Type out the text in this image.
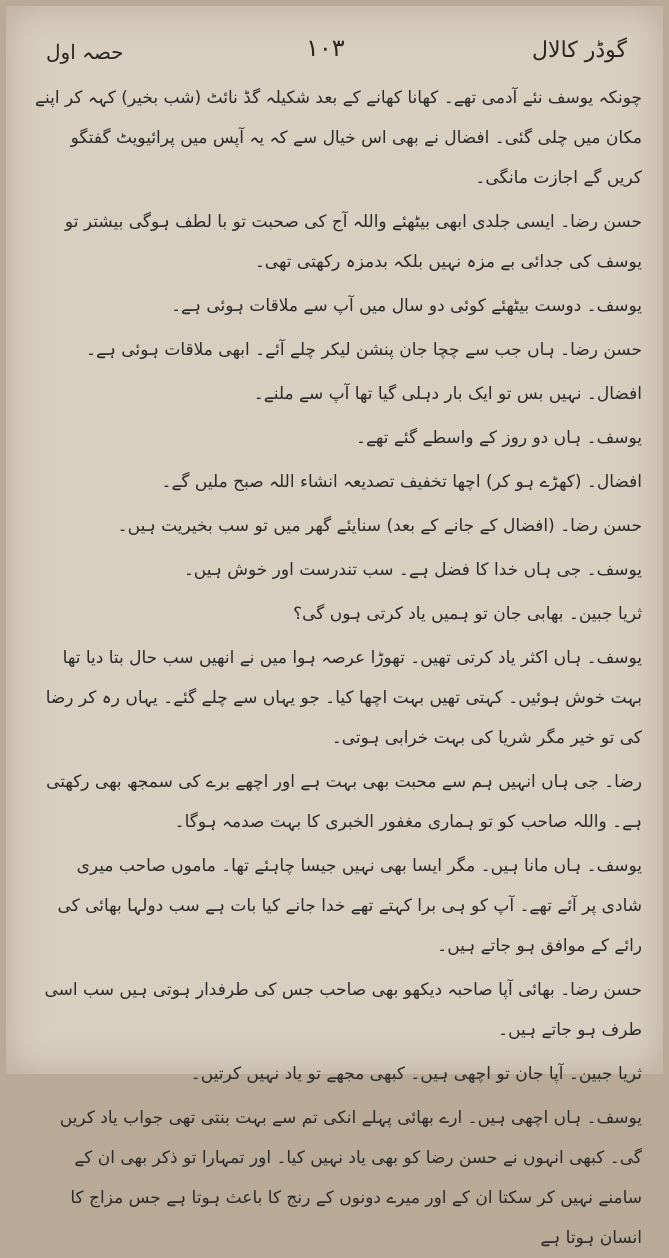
حصہ اول	۱۰۳	گوڈر کالال

چونکہ یوسف نئے آدمی تھے۔ کھانا کھانے کے بعد شکیلہ گڈ نائٹ (شب بخیر) کہہ کر اپنے مکان میں چلی گئی۔ افضال نے بھی اس خیال سے کہ یہ آپس میں پرائیویٹ گفتگو کریں گے اجازت مانگی۔

حسن رضا۔ ایسی جلدی ابھی بیٹھئے واللہ آج کی صحبت تو با لطف ہوگی بیشتر تو یوسف کی جدائی بے مزہ نہیں بلکہ بدمزہ رکھتی تھی۔

یوسف۔ دوست بیٹھئے کوئی دو سال میں آپ سے ملاقات ہوئی ہے۔

حسن رضا۔ ہاں جب سے چچا جان پنشن لیکر چلے آئے۔ ابھی ملاقات ہوئی ہے۔

افضال۔ نہیں بس تو ایک بار دہلی گیا تھا آپ سے ملنے۔

یوسف۔ ہاں دو روز کے واسطے گئے تھے۔

افضال۔ (کھڑے ہو کر) اچھا تخفیف تصدیعہ انشاء اللہ صبح ملیں گے۔

حسن رضا۔ (افضال کے جانے کے بعد) سنایئے گھر میں تو سب بخیریت ہیں۔

یوسف۔ جی ہاں خدا کا فضل ہے۔ سب تندرست اور خوش ہیں۔

ثریا جبین۔ بھابی جان تو ہمیں یاد کرتی ہوں گی؟

یوسف۔ ہاں اکثر یاد کرتی تھیں۔ تھوڑا عرصہ ہوا میں نے انھیں سب حال بتا دیا تھا بہت خوش ہوئیں۔ کہتی تھیں بہت اچھا کیا۔ جو یہاں سے چلے گئے۔ یہاں رہ کر رضا کی تو خیر مگر شریا کی بہت خرابی ہوتی۔

رضا۔ جی ہاں انہیں ہم سے محبت بھی بہت ہے اور اچھے برے کی سمجھ بھی رکھتی ہے۔ واللہ صاحب کو تو ہماری مغفور الخبری کا بہت صدمہ ہوگا۔

یوسف۔ ہاں مانا ہیں۔ مگر ایسا بھی نہیں جیسا چاہئے تھا۔ ماموں صاحب میری شادی پر آئے تھے۔ آپ کو ہی برا کہتے تھے خدا جانے کیا بات ہے سب دولہا بھائی کی رائے کے موافق ہو جاتے ہیں۔

حسن رضا۔ بھائی آپا صاحبہ دیکھو بھی صاحب جس کی طرفدار ہوتی ہیں سب اسی طرف ہو جاتے ہیں۔

ثریا جبین۔ آپا جان تو اچھی ہیں۔ کبھی مجھے تو یاد نہیں کرتیں۔

یوسف۔ ہاں اچھی ہیں۔ ارے بھائی پہلے انکی تم سے بہت بنتی تھی جواب یاد کریں گی۔ کبھی انہوں نے حسن رضا کو بھی یاد نہیں کیا۔ اور تمہارا تو ذکر بھی ان کے سامنے نہیں کر سکتا ان کے اور میرے دونوں کے رنج کا باعث ہوتا ہے جس مزاج کا انسان ہوتا ہے
